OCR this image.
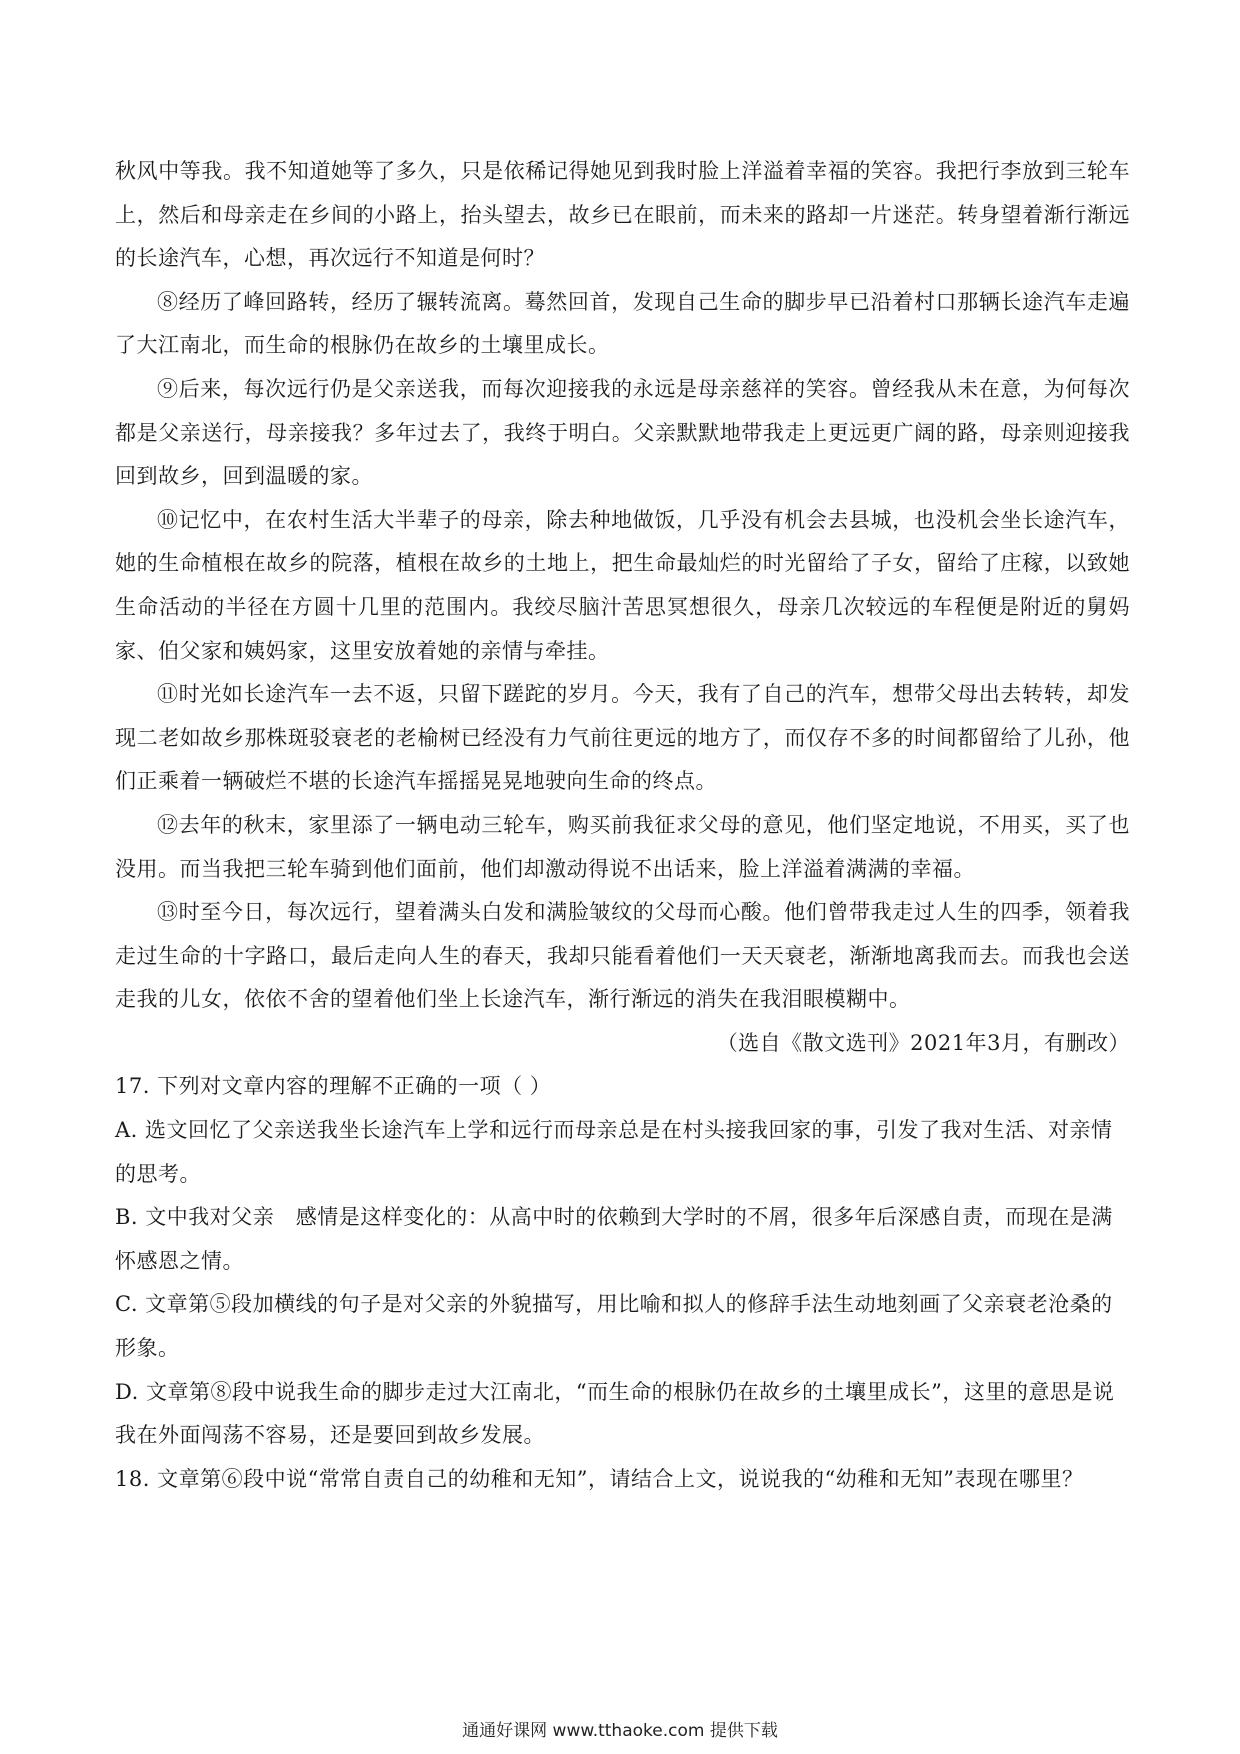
秋风中等我。我不知道她等了多久，只是依稀记得她见到我时脸上洋溢着幸福的笑容。我把行李放到三轮车上，然后和母亲走在乡间的小路上，抬头望去，故乡已在眼前，而未来的路却一片迷茫。转身望着渐行渐远的长途汽车，心想，再次远行不知道是何时？

⑧经历了峰回路转，经历了辗转流离。蓦然回首，发现自己生命的脚步早已沿着村口那辆长途汽车走遍了大江南北，而生命的根脉仍在故乡的土壤里成长。

⑨后来，每次远行仍是父亲送我，而每次迎接我的永远是母亲慈祥的笑容。曾经我从未在意，为何每次都是父亲送行，母亲接我？多年过去了，我终于明白。父亲默默地带我走上更远更广阔的路，母亲则迎接我回到故乡，回到温暖的家。

⑩记忆中，在农村生活大半辈子的母亲，除去种地做饭，几乎没有机会去县城，也没机会坐长途汽车，她的生命植根在故乡的院落，植根在故乡的土地上，把生命最灿烂的时光留给了子女，留给了庄稼，以致她生命活动的半径在方圆十几里的范围内。我绞尽脑汁苦思冥想很久，母亲几次较远的车程便是附近的舅妈家、伯父家和姨妈家，这里安放着她的亲情与牵挂。

⑪时光如长途汽车一去不返，只留下蹉跎的岁月。今天，我有了自己的汽车，想带父母出去转转，却发现二老如故乡那株斑驳衰老的老榆树已经没有力气前往更远的地方了，而仅存不多的时间都留给了儿孙，他们正乘着一辆破烂不堪的长途汽车摇摇晃晃地驶向生命的终点。

⑫去年的秋末，家里添了一辆电动三轮车，购买前我征求父母的意见，他们坚定地说，不用买，买了也没用。而当我把三轮车骑到他们面前，他们却激动得说不出话来，脸上洋溢着满满的幸福。

⑬时至今日，每次远行，望着满头白发和满脸皱纹的父母而心酸。他们曾带我走过人生的四季，领着我走过生命的十字路口，最后走向人生的春天，我却只能看着他们一天天衰老，渐渐地离我而去。而我也会送走我的儿女，依依不舍的望着他们坐上长途汽车，渐行渐远的消失在我泪眼模糊中。

（选自《散文选刊》2021年3月，有删改）

17. 下列对文章内容的理解不正确的一项（ ）

A. 选文回忆了父亲送我坐长途汽车上学和远行而母亲总是在村头接我回家的事，引发了我对生活、对亲情的思考。

B. 文中我对父亲　感情是这样变化的：从高中时的依赖到大学时的不屑，很多年后深感自责，而现在是满怀感恩之情。

C. 文章第⑤段加横线的句子是对父亲的外貌描写，用比喻和拟人的修辞手法生动地刻画了父亲衰老沧桑的形象。

D. 文章第⑧段中说我生命的脚步走过大江南北，“而生命的根脉仍在故乡的土壤里成长”，这里的意思是说我在外面闯荡不容易，还是要回到故乡发展。

18. 文章第⑥段中说“常常自责自己的幼稚和无知”，请结合上文，说说我的“幼稚和无知”表现在哪里？

通通好课网 www.tthaoke.com 提供下载
